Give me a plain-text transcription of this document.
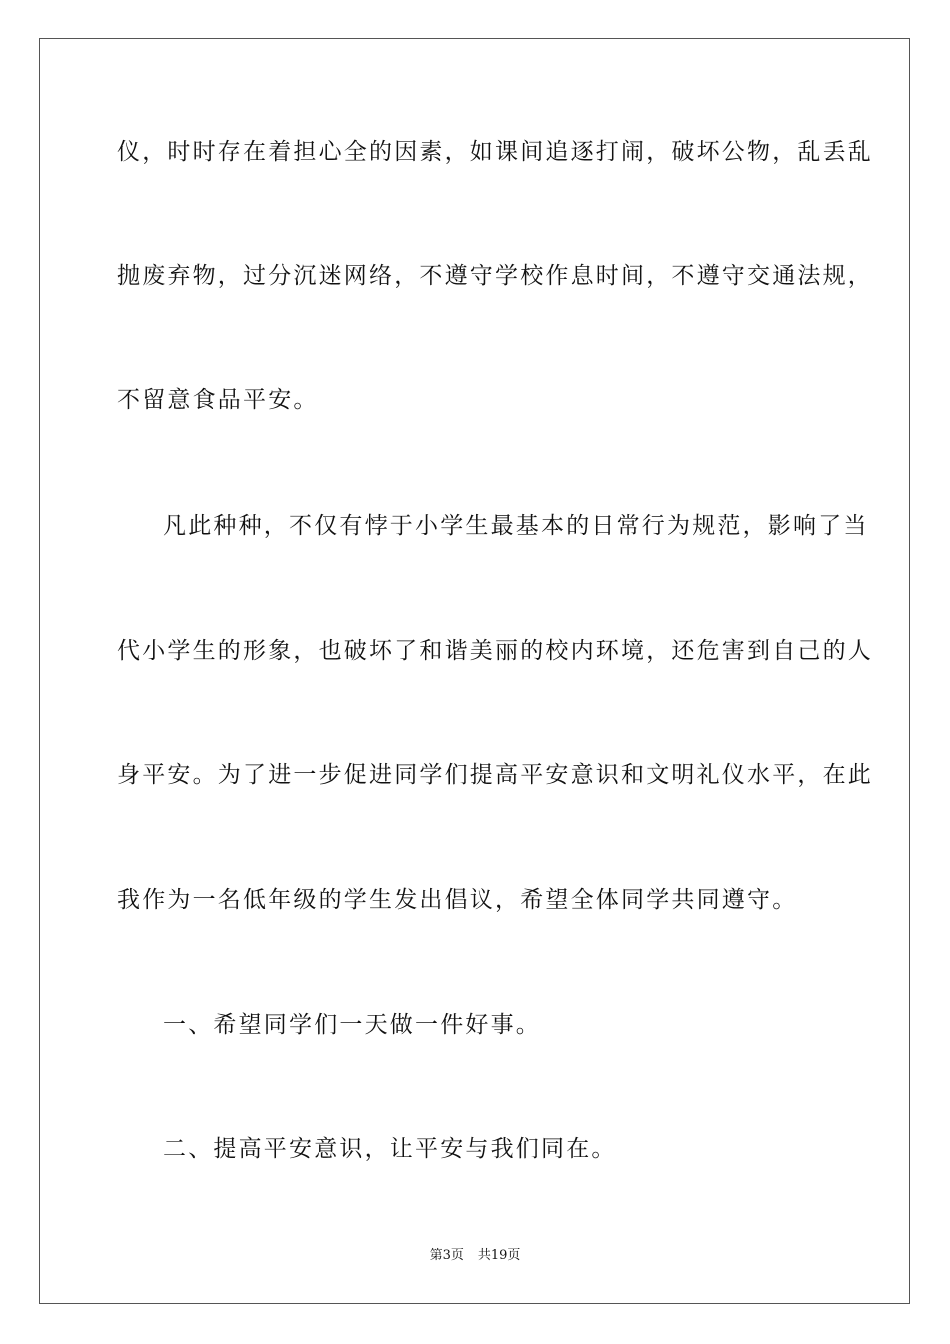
仪，时时存在着担心全的因素，如课间追逐打闹，破坏公物，乱丢乱
抛废弃物，过分沉迷网络，不遵守学校作息时间，不遵守交通法规，
不留意食品平安。
凡此种种，不仅有悖于小学生最基本的日常行为规范，影响了当
代小学生的形象，也破坏了和谐美丽的校内环境，还危害到自己的人
身平安。为了进一步促进同学们提高平安意识和文明礼仪水平，在此
我作为一名低年级的学生发出倡议，希望全体同学共同遵守。
一、希望同学们一天做一件好事。
二、提高平安意识，让平安与我们同在。
第3页 共19页
